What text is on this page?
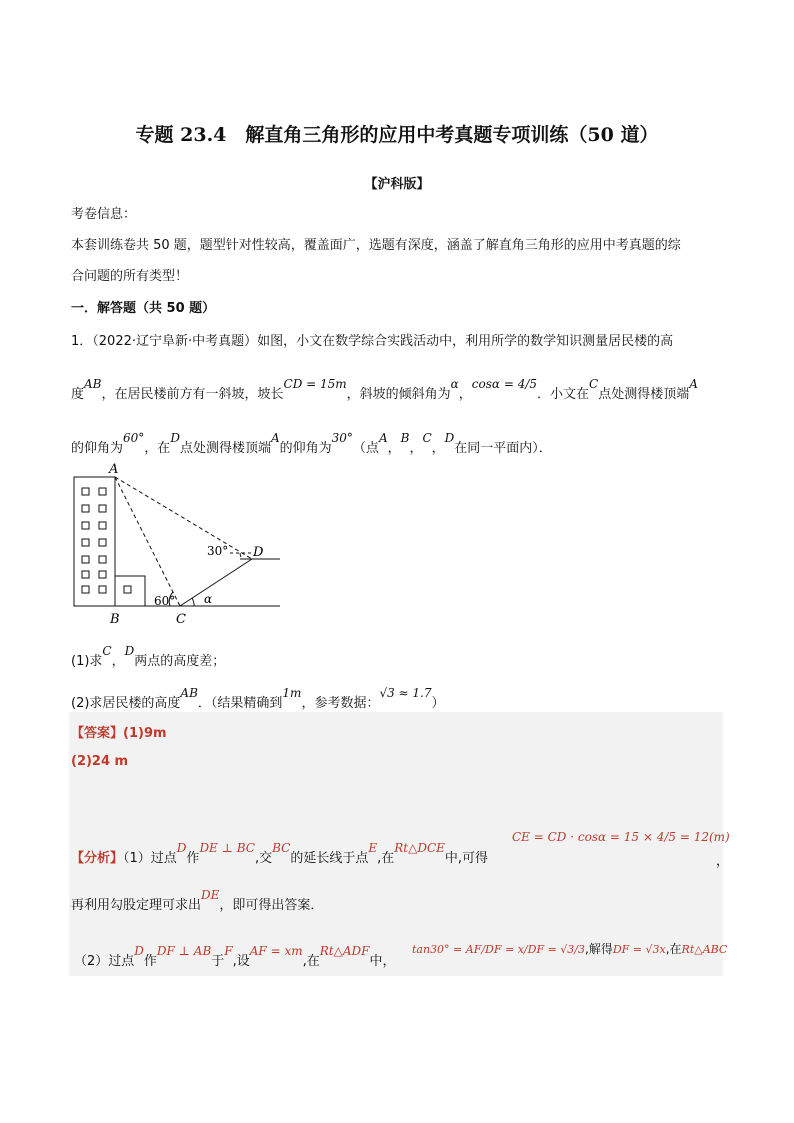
专题 23.4　解直角三角形的应用中考真题专项训练（50 道）
【沪科版】
考卷信息：
本套训练卷共 50 题，题型针对性较高，覆盖面广，选题有深度，涵盖了解直角三角形的应用中考真题的综
合问题的所有类型！
一．解答题（共 50 题）
1．（2022·辽宁阜新·中考真题）如图，小文在数学综合实践活动中，利用所学的数学知识测量居民楼的高
度AB，在居民楼前方有一斜坡，坡长CD = 15m，斜坡的倾斜角为α，cosα = 4/5．小文在C点处测得楼顶端A
的仰角为60°，在D点处测得楼顶端A的仰角为30°（点A，B，C，D在同一平面内）．
A
B	C
D
60°
30°
α
(1)求C，D两点的高度差；
(2)求居民楼的高度AB．（结果精确到1m，参考数据：√3 ≈ 1.7）
【答案】(1)9m
(2)24 m
【分析】（1）过点D作DE ⊥ BC,交BC的延长线于点E,在Rt△DCE中,可得
CE = CD · cosα = 15 × 4/5 = 12(m)
，
再利用勾股定理可求出DE，即可得出答案．
（2）过点D作DF ⊥ AB于F,设AF = xm,在Rt△ADF中，
tan30° = AF/DF = x/DF = √3/3,解得DF = √3x,在Rt△ABC
